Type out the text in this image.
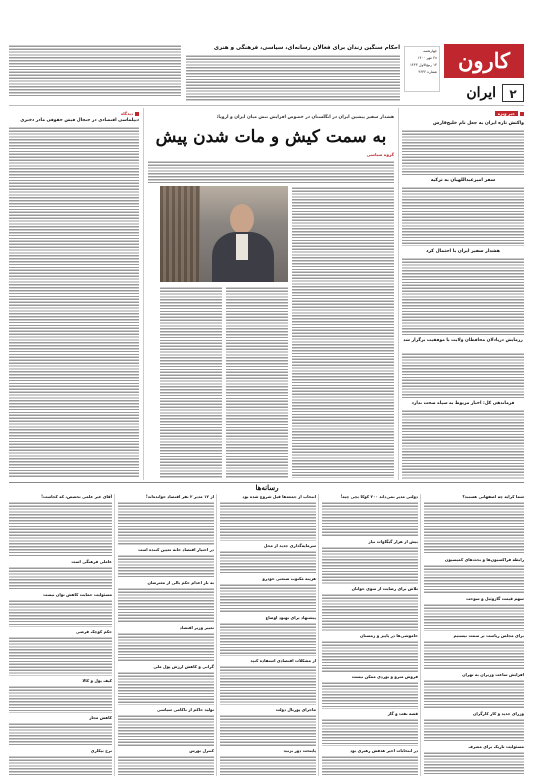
چهارشنبه
۲۸ مهر ۱۴۰۰
۱۳ ربیع‌الاول ۱۴۴۳
شماره ۳۶۳۲ کارون
ایران	۲
احکام سنگین زندان برای فعالان رسانه‌ای، سیاسی، فرهنگی و هنری
خبر ویژه
واکنش تازه ایران به جعل نام خلیج‌فارس
سفر امیرعبداللهیان به ترکیه
هشدار سفیر ایران با احتمال کرد
رزمایش دریادلان محافظان ولایت با موفقیت برگزار شد
فرماندهی کل: اخبار مربوط به سپاه صحت ندارد
هشدار سفیر پیشین ایران در انگلستان در خصوص افزایش تنش میان ایران و اروپا:
به سمت کیش و مات شدن پیش
گروه سیاسی
دیدگاه
دیپلماسی اقتصادی در جنجال فیش حقوقی مادر دختری
رسانه‌ها
شما کرایه چه اصفهانی هستید؟
رابطه فراکسیون‌ها و بحث‌های کمیسیون
سهم قیمت گازوئیل و سوخت
برای مجلس ریاست بر سمت نیستیم
افزایش ساعت وزیران به تهران
وزرای جدید و کار کارگران
مسئولیت تاریک برای مصرف
دولتی مدیر نمی‌داند ۲۰۰ کوکا بچی چیه!
بیش از هزار گیگاوات نیاز
تلاش برای رضایت از سوی جوانان
خاموشی‌ها در پاییز و زمستان
فروش مترو و بوردی ممکن نیست
قصه نفت و گاز
در انتخابات اخیر هدفش رهبری بود
انتخاب از جمعه‌ها قبل شروع شده بود
سرمایه‌گذاری جدید از محل
هزینه مکتوب صنعتی خودرو
پیشنهاد برای بهبود اوضاع
از مشکلات اقتصادی استفاده کنید
ماجرای پورتال دولت
پایتخت دور بزنید
از ۱۲ مدیر ۲ نفر اقتصاد خوانده‌اند!
در اختیار اقتصاد خانه تعیین کننده است
به بار اعدام حکم بالی از معترضان
تغییر وزیر اقتصاد
گرانی و کاهش ارزش پول ملی
تولید حاکم از ناکامی سیاسی
کنترل بورس
آقای غیر علمی تخصص، که کجاست!
عاملی فرهنگی است
مسئولیت حمایت کاهش توان نیست
حکم کوچک قرضی
کیف پول و کالا
کاهش مجاز
نرخ بیکاری
